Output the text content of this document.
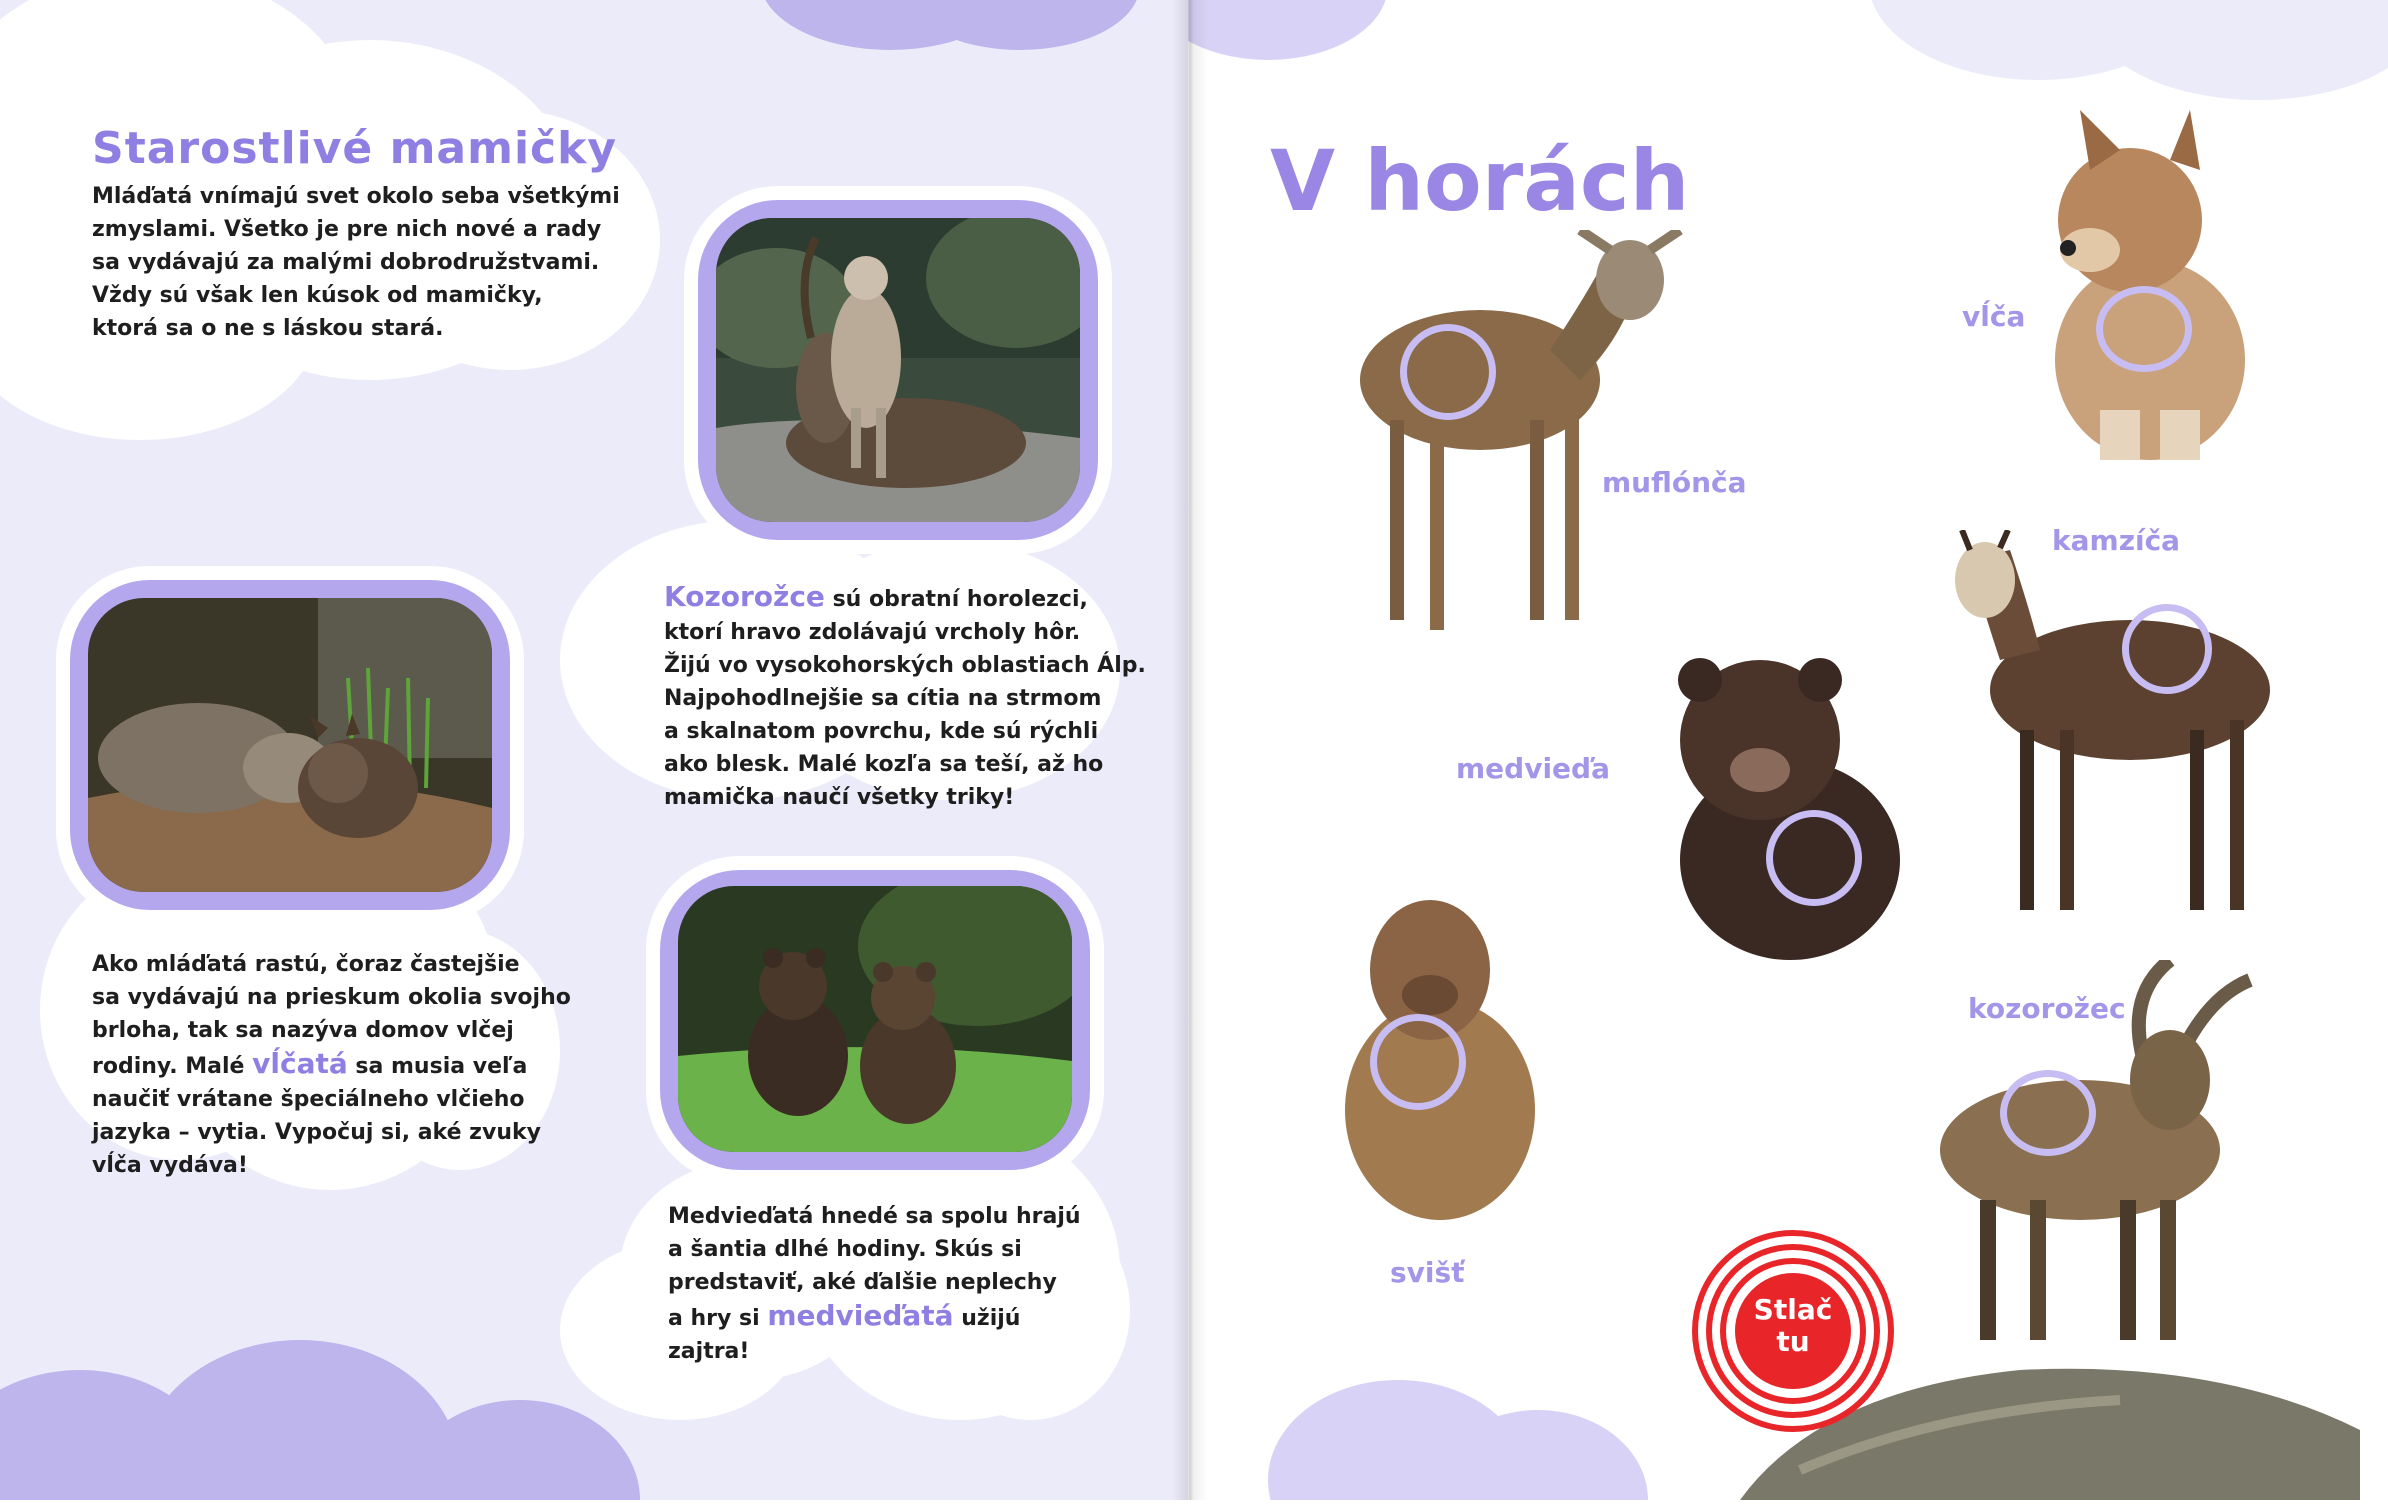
Starostlivé mamičky
Mláďatá vnímajú svet okolo seba všetkými
zmyslami. Všetko je pre nich nové a rady
sa vydávajú za malými dobrodružstvami.
Vždy sú však len kúsok od mamičky,
ktorá sa o ne s láskou stará.
Kozorožce sú obratní horolezci,
ktorí hravo zdolávajú vrcholy hôr.
Žijú vo vysokohorských oblastiach Álp.
Najpohodlnejšie sa cítia na strmom
a skalnatom povrchu, kde sú rýchli
ako blesk. Malé kozľa sa teší, až ho
mamička naučí všetky triky!
Ako mláďatá rastú, čoraz častejšie
sa vydávajú na prieskum okolia svojho
brloha, tak sa nazýva domov vlčej
rodiny. Malé vĺčatá sa musia veľa
naučiť vrátane špeciálneho vlčieho
jazyka – vytia. Vypočuj si, aké zvuky
vĺča vydáva!
Medvieďatá hnedé sa spolu hrajú
a šantia dlhé hodiny. Skús si
predstaviť, aké ďalšie neplechy
a hry si medvieďatá užijú
zajtra!
V horách
muflónča
vĺča
kamzíča
medvieďa
kozorožec
svišť
Stlač
tu
